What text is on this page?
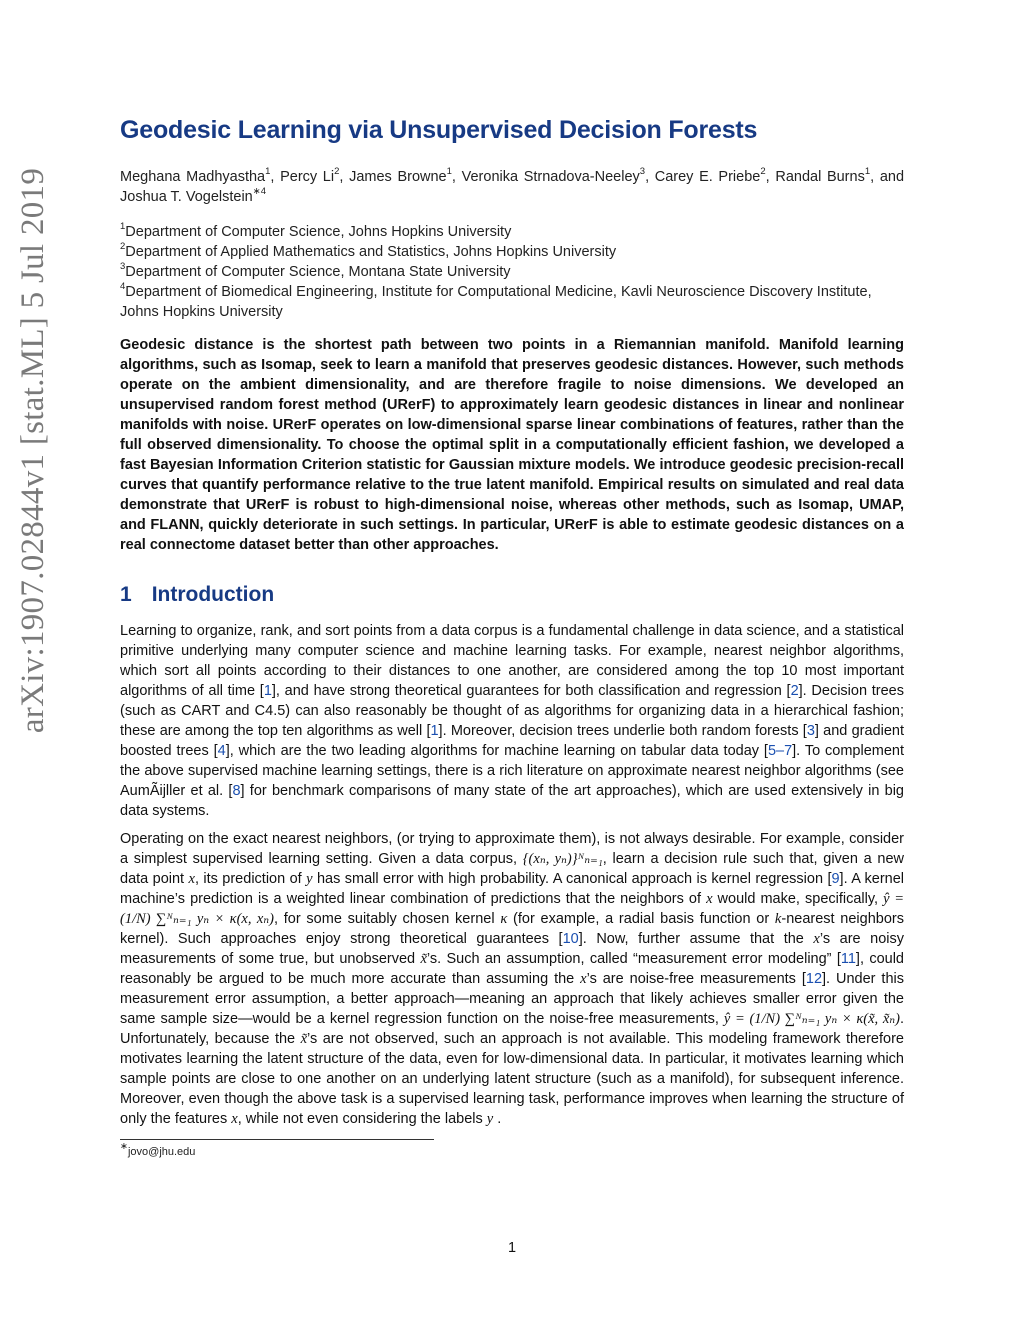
arXiv:1907.02844v1 [stat.ML] 5 Jul 2019
Geodesic Learning via Unsupervised Decision Forests
Meghana Madhyastha$^1$, Percy Li$^2$, James Browne$^1$, Veronika Strnadova-Neeley$^3$, Carey E. Priebe$^2$, Randal Burns$^1$, and Joshua T. Vogelstein$^{∗4}$
$^1$Department of Computer Science, Johns Hopkins University
$^2$Department of Applied Mathematics and Statistics, Johns Hopkins University
$^3$Department of Computer Science, Montana State University
$^4$Department of Biomedical Engineering, Institute for Computational Medicine, Kavli Neuroscience Discovery Institute, Johns Hopkins University

Geodesic distance is the shortest path between two points in a Riemannian manifold. Manifold learning algorithms, such as Isomap, seek to learn a manifold that preserves geodesic distances. However, such methods operate on the ambient dimensionality, and are therefore fragile to noise dimensions. We developed an unsupervised random forest method (URerF) to approximately learn geodesic distances in linear and nonlinear manifolds with noise. URerF operates on low-dimensional sparse linear combinations of features, rather than the full observed dimensionality. To choose the optimal split in a computationally efficient fashion, we developed a fast Bayesian Information Criterion statistic for Gaussian mixture models. We introduce geodesic precision-recall curves that quantify performance relative to the true latent manifold. Empirical results on simulated and real data demonstrate that URerF is robust to high-dimensional noise, whereas other methods, such as Isomap, UMAP, and FLANN, quickly deteriorate in such settings. In particular, URerF is able to estimate geodesic distances on a real connectome dataset better than other approaches.

1 Introduction

Learning to organize, rank, and sort points from a data corpus is a fundamental challenge in data science, and a statistical primitive underlying many computer science and machine learning tasks. For example, nearest neighbor algorithms, which sort all points according to their distances to one another, are considered among the top 10 most important algorithms of all time [1], and have strong theoretical guarantees for both classification and regression [2]. Decision trees (such as CART and C4.5) can also reasonably be thought of as algorithms for organizing data in a hierarchical fashion; these are among the top ten algorithms as well [1]. Moreover, decision trees underlie both random forests [3] and gradient boosted trees [4], which are the two leading algorithms for machine learning on tabular data today [5–7]. To complement the above supervised machine learning settings, there is a rich literature on approximate nearest neighbor algorithms (see AumÃijller et al. [8] for benchmark comparisons of many state of the art approaches), which are used extensively in big data systems.

Operating on the exact nearest neighbors, (or trying to approximate them), is not always desirable. For example, consider a simplest supervised learning setting. Given a data corpus, {(xₙ, yₙ)}ᴺₙ₌₁, learn a decision rule such that, given a new data point x, its prediction of y has small error with high probability. A canonical approach is kernel regression [9]. A kernel machine’s prediction is a weighted linear combination of predictions that the neighbors of x would make, specifically, ŷ = (1/N) ∑ᴺₙ₌₁ yₙ × κ(x, xₙ), for some suitably chosen kernel κ (for example, a radial basis function or k-nearest neighbors kernel). Such approaches enjoy strong theoretical guarantees [10]. Now, further assume that the x’s are noisy measurements of some true, but unobserved x̃’s. Such an assumption, called “measurement error modeling” [11], could reasonably be argued to be much more accurate than assuming the x’s are noise-free measurements [12]. Under this measurement error assumption, a better approach—meaning an approach that likely achieves smaller error given the same sample size—would be a kernel regression function on the noise-free measurements, ŷ = (1/N) ∑ᴺₙ₌₁ yₙ × κ(x̃, x̃ₙ). Unfortunately, because the x̃’s are not observed, such an approach is not available. This modeling framework therefore motivates learning the latent structure of the data, even for low-dimensional data. In particular, it motivates learning which sample points are close to one another on an underlying latent structure (such as a manifold), for subsequent inference. Moreover, even though the above task is a supervised learning task, performance improves when learning the structure of only the features x, while not even considering the labels y .

∗jovo@jhu.edu
1
